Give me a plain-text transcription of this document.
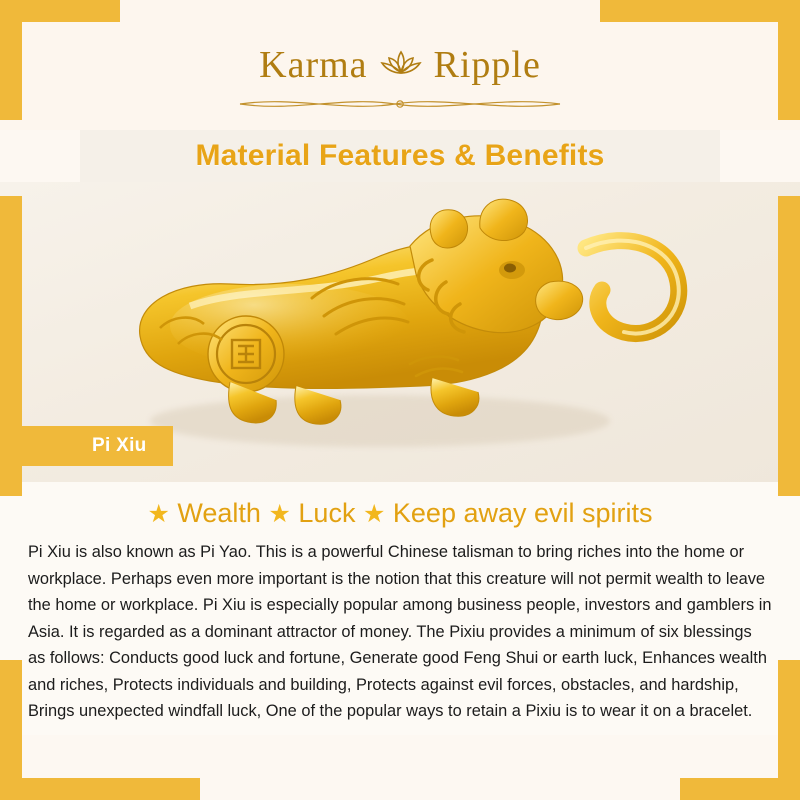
Karma Ripple
Material Features & Benefits
Pi Xiu
★ Wealth ★ Luck ★ Keep away evil spirits

Pi Xiu is also known as Pi Yao. This is a powerful Chinese talisman to bring riches into the home or workplace. Perhaps even more important is the notion that this creature will not permit wealth to leave the home or workplace. Pi Xiu is especially popular among business people, investors and gamblers in Asia. It is regarded as a dominant attractor of money. The Pixiu provides a minimum of six blessings as follows: Conducts good luck and fortune, Generate good Feng Shui or earth luck, Enhances wealth and riches, Protects individuals and building, Protects against evil forces, obstacles, and hardship, Brings unexpected windfall luck, One of the popular ways to retain a Pixiu is to wear it on a bracelet.
